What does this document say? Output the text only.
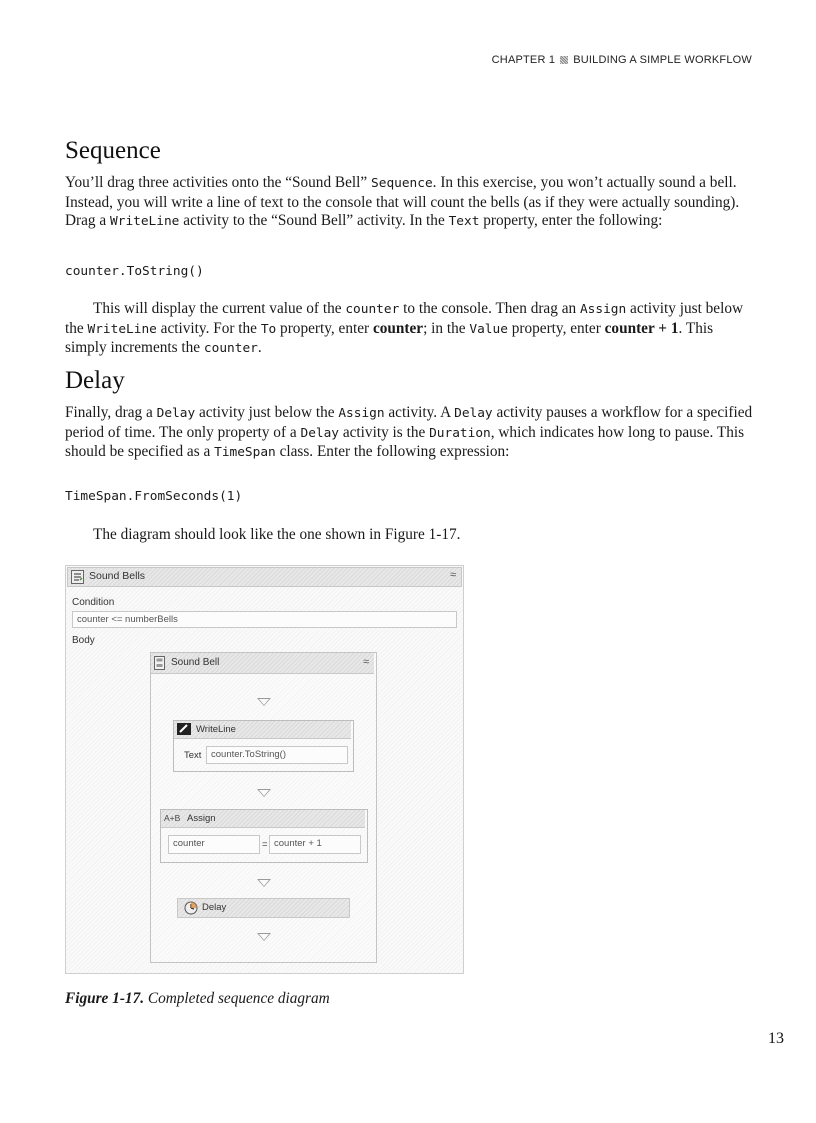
CHAPTER 1 BUILDING A SIMPLE WORKFLOW
Sequence

You’ll drag three activities onto the “Sound Bell” Sequence. In this exercise, you won’t actually sound a bell. Instead, you will write a line of text to the console that will count the bells (as if they were actually sounding). Drag a WriteLine activity to the “Sound Bell” activity. In the Text property, enter the following:

counter.ToString()

This will display the current value of the counter to the console. Then drag an Assign activity just below the WriteLine activity. For the To property, enter counter; in the Value property, enter counter + 1. This simply increments the counter.

Delay

Finally, drag a Delay activity just below the Assign activity. A Delay activity pauses a workflow for a specified period of time. The only property of a Delay activity is the Duration, which indicates how long to pause. This should be specified as a TimeSpan class. Enter the following expression:

TimeSpan.FromSeconds(1)

The diagram should look like the one shown in Figure 1-17.

Sound Bells	≈
Condition
counter <= numberBells
Body
Sound Bell	≈
WriteLine
Text	counter.ToString()
A+B Assign
counter	= counter + 1
Delay
Figure 1-17. Completed sequence diagram
13
